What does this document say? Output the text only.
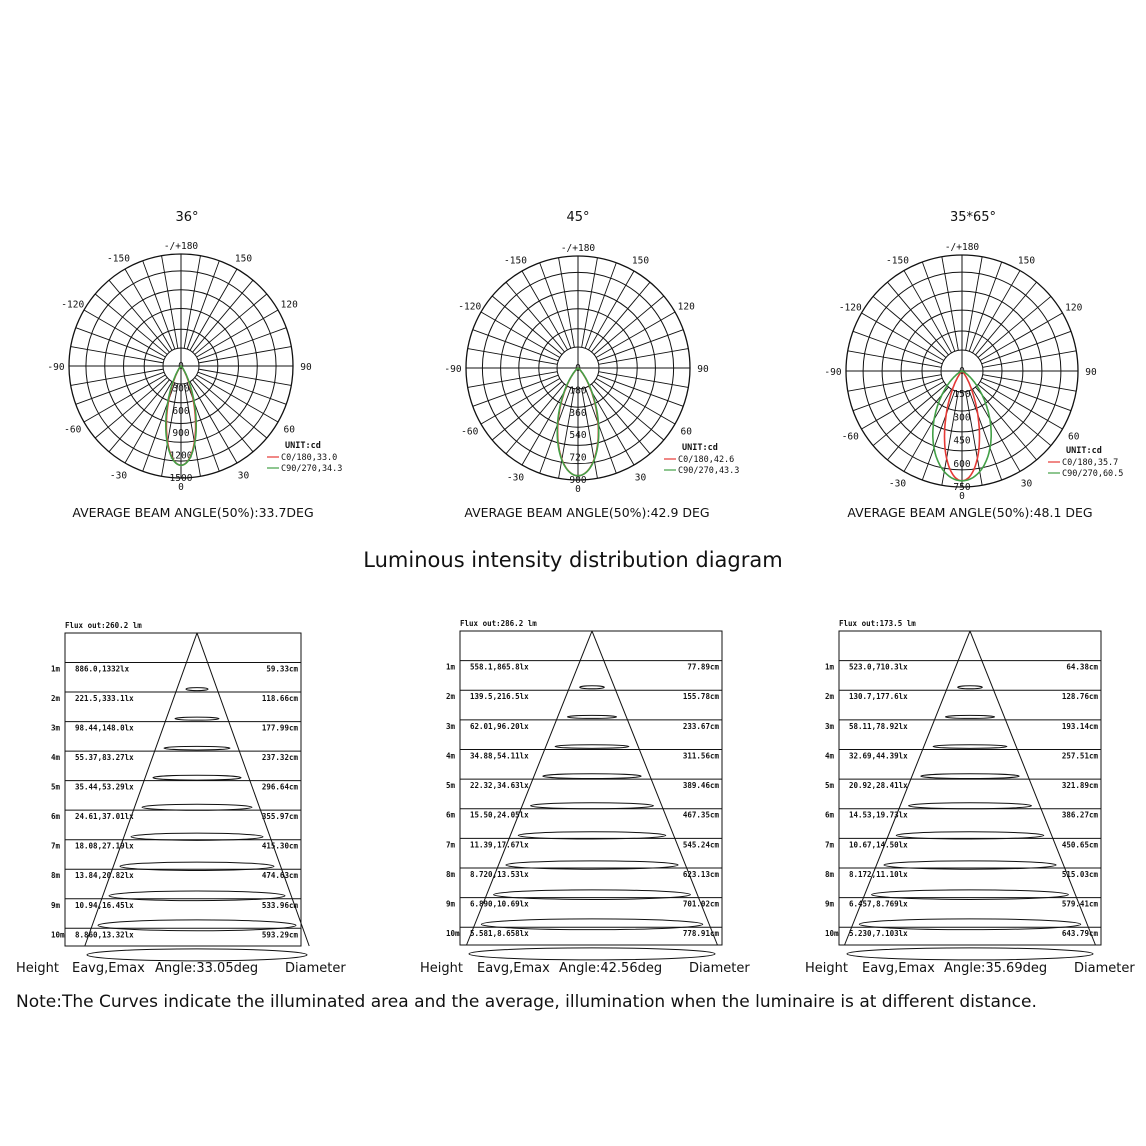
36°	45°	35*65°
AVERAGE BEAM ANGLE(50%):33.7DEG	AVERAGE BEAM ANGLE(50%):42.9 DEG	AVERAGE BEAM ANGLE(50%):48.1 DEG
Luminous intensity distribution diagram
Height Eavg,Emax Angle:33.05deg Diameter	Height Eavg,Emax Angle:42.56deg Diameter	Height Eavg,Emax Angle:35.69deg Diameter
Note:The Curves indicate the illuminated area and the average, illumination when the luminaire is at different distance.
-/+180
-150	150
-120	120
-90	90
-60	60
-30	30
0
0
300
600
900
1200
1500
UNIT:cd
C0/180,33.0
C90/270,34.3
-/+180
-150	150
-120	120
-90	90
-60	60
-30	30
0
0
180
360
540
720
900
UNIT:cd
C0/180,42.6
C90/270,43.3
-/+180
-150	150
-120	120
-90	90
-60	60
-30	30
0
0
150
300
450
600
750
UNIT:cd
C0/180,35.7
C90/270,60.5
Flux out:260.2 lm
1m 886.0,1332lx	59.33cm
2m 221.5,333.1lx	118.66cm
3m 98.44,148.0lx	177.99cm
4m 55.37,83.27lx	237.32cm
5m 35.44,53.29lx	296.64cm
6m 24.61,37.01lx	355.97cm
7m 18.08,27.19lx	415.30cm
8m 13.84,20.82lx	474.63cm
9m 10.94,16.45lx	533.96cm
10m 8.860,13.32lx	593.29cm
Flux out:286.2 lm
1m 558.1,865.8lx	77.89cm
2m 139.5,216.5lx	155.78cm
3m 62.01,96.20lx	233.67cm
4m 34.88,54.11lx	311.56cm
5m 22.32,34.63lx	389.46cm
6m 15.50,24.05lx	467.35cm
7m 11.39,17.67lx	545.24cm
8m 8.720,13.53lx	623.13cm
9m 6.890,10.69lx	701.02cm
10m 5.581,8.658lx	778.91cm
Flux out:173.5 lm
1m 523.0,710.3lx	64.38cm
2m 130.7,177.6lx	128.76cm
3m 58.11,78.92lx	193.14cm
4m 32.69,44.39lx	257.51cm
5m 20.92,28.41lx	321.89cm
6m 14.53,19.73lx	386.27cm
7m 10.67,14.50lx	450.65cm
8m 8.172,11.10lx	515.03cm
9m 6.457,8.769lx	579.41cm
10m 5.230,7.103lx	643.79cm
